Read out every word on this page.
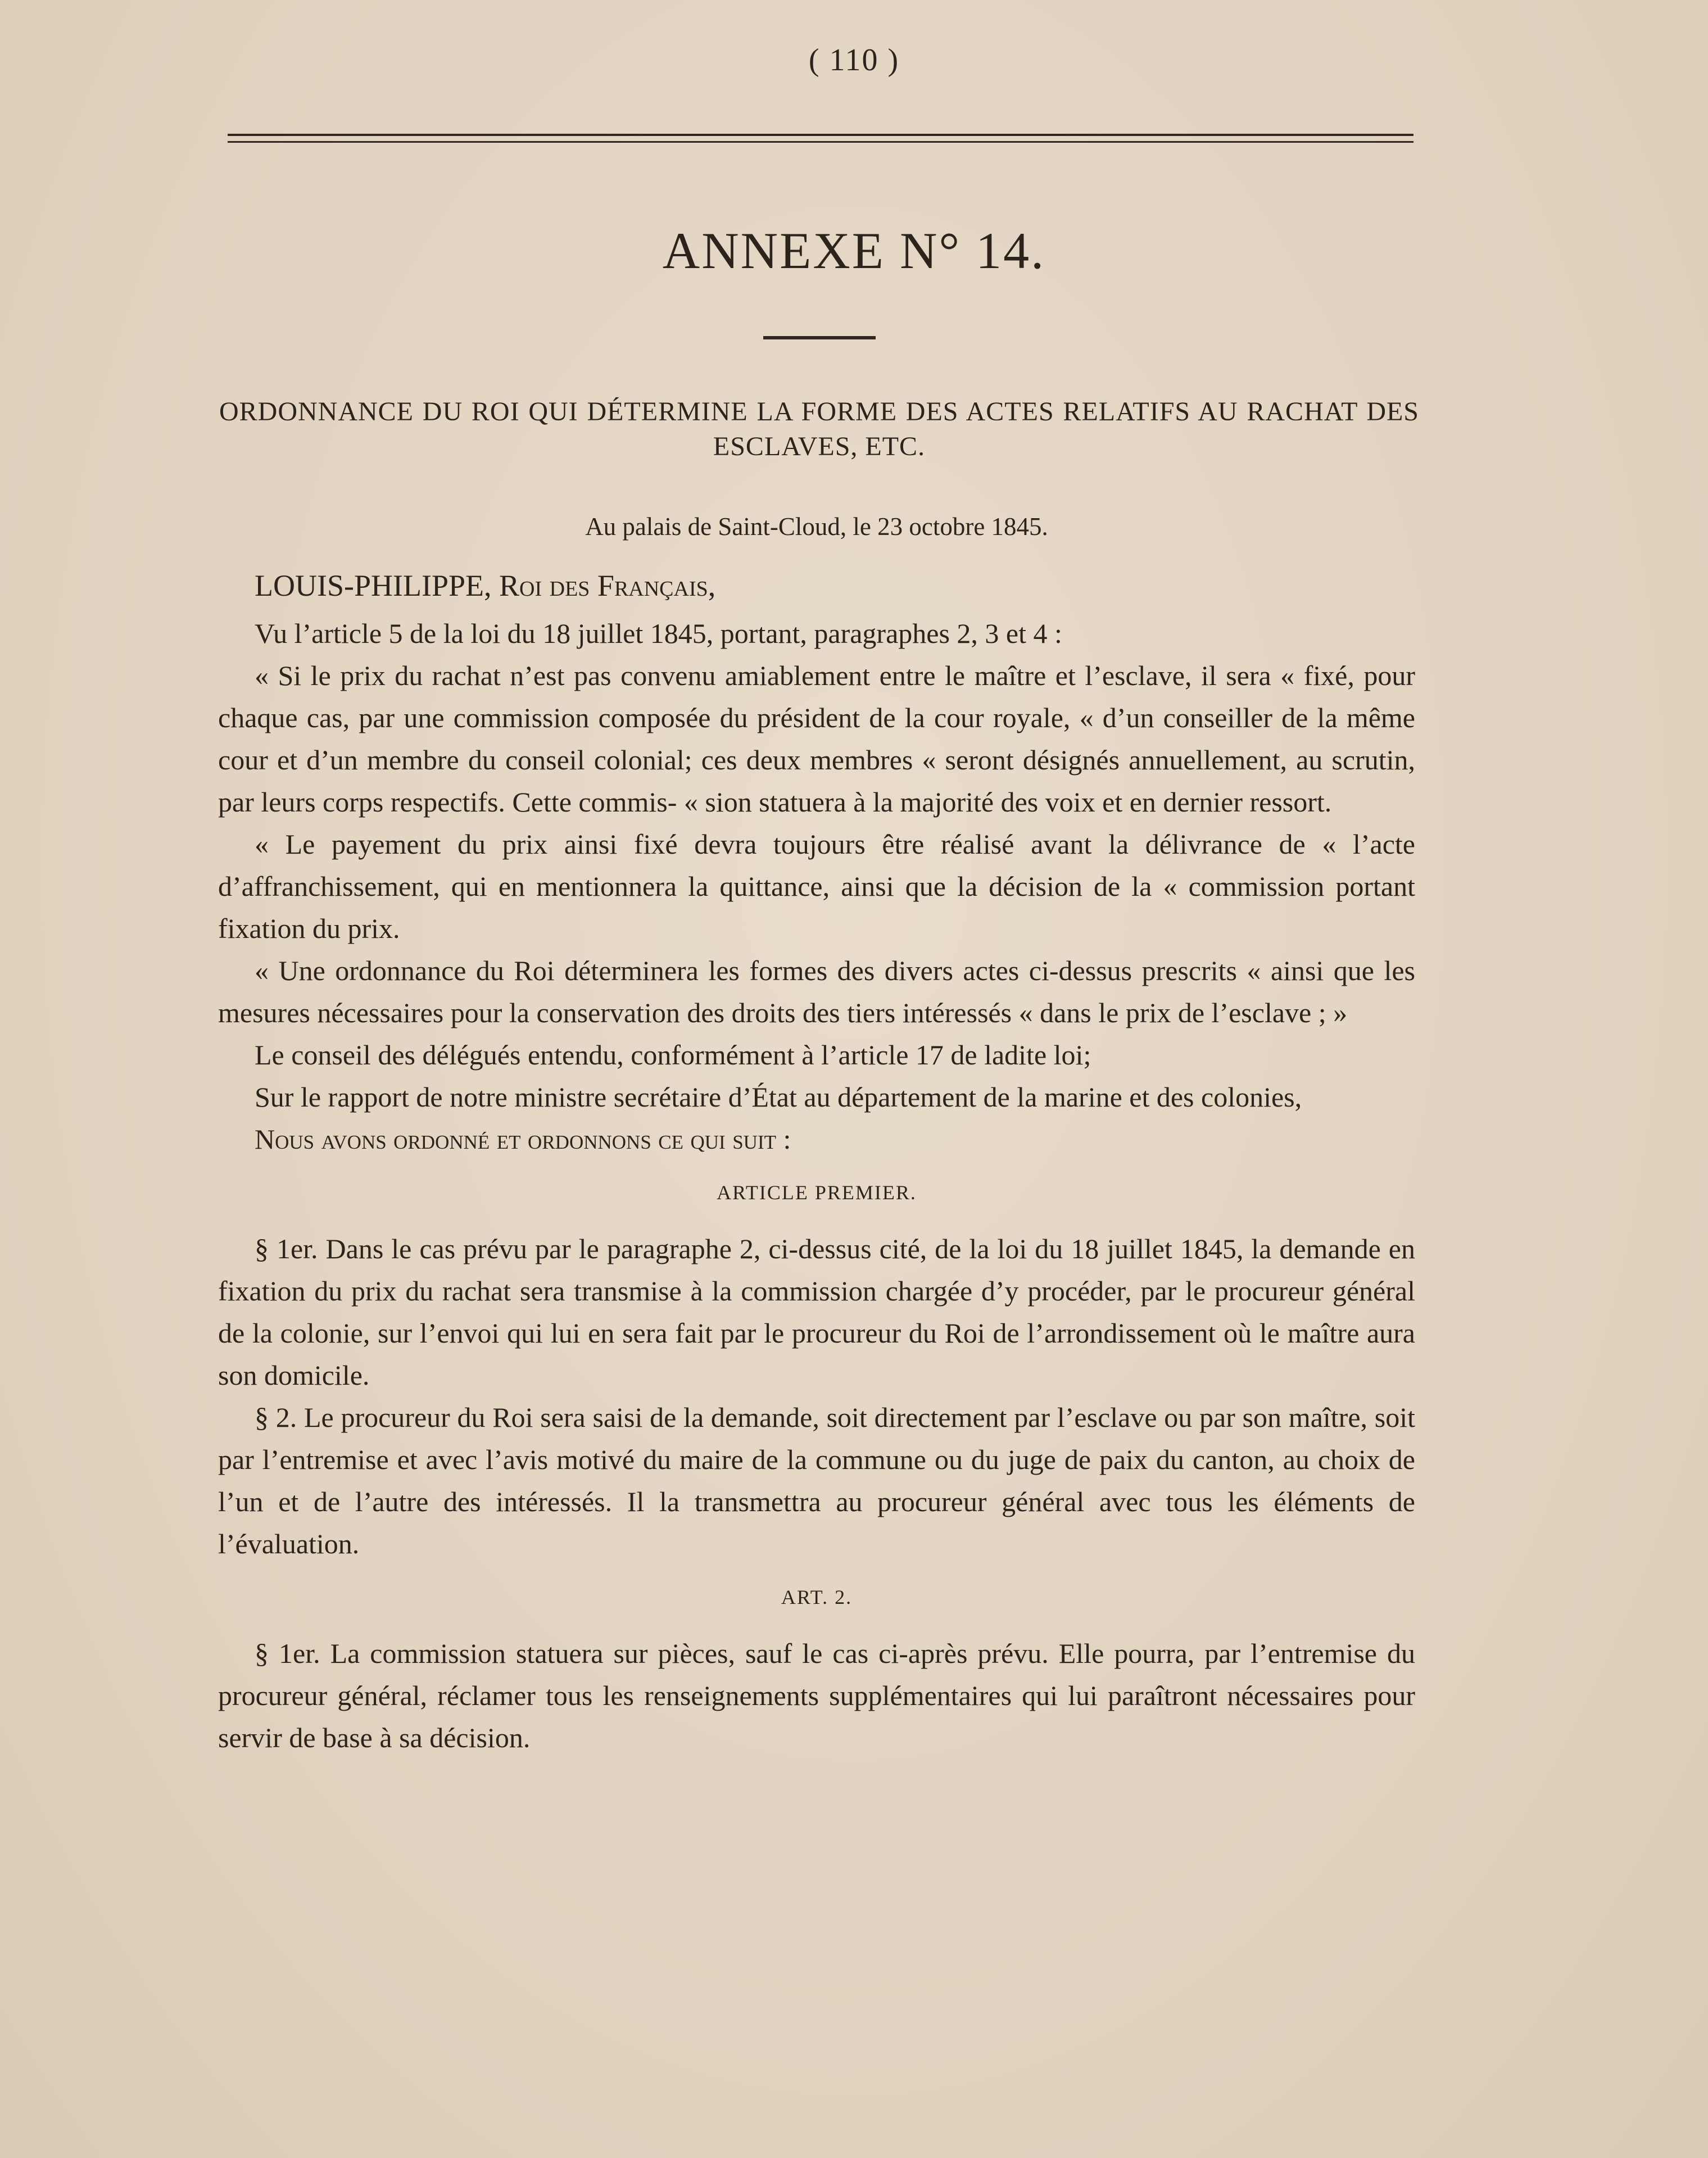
( 110 )
ANNEXE N° 14.
ORDONNANCE DU ROI QUI DÉTERMINE LA FORME DES ACTES RELATIFS AU RACHAT DES ESCLAVES, ETC.

Au palais de Saint-Cloud, le 23 octobre 1845.

LOUIS-PHILIPPE, Roi des Français,

Vu l’article 5 de la loi du 18 juillet 1845, portant, paragraphes 2, 3 et 4 :

« Si le prix du rachat n’est pas convenu amiablement entre le maître et l’esclave, il sera « fixé, pour chaque cas, par une commission composée du président de la cour royale, « d’un conseiller de la même cour et d’un membre du conseil colonial; ces deux membres « seront désignés annuellement, au scrutin, par leurs corps respectifs. Cette commis- « sion statuera à la majorité des voix et en dernier ressort.

« Le payement du prix ainsi fixé devra toujours être réalisé avant la délivrance de « l’acte d’affranchissement, qui en mentionnera la quittance, ainsi que la décision de la « commission portant fixation du prix.

« Une ordonnance du Roi déterminera les formes des divers actes ci-dessus prescrits « ainsi que les mesures nécessaires pour la conservation des droits des tiers intéressés « dans le prix de l’esclave ; »

Le conseil des délégués entendu, conformément à l’article 17 de ladite loi;

Sur le rapport de notre ministre secrétaire d’État au département de la marine et des colonies,

Nous avons ordonné et ordonnons ce qui suit :

ARTICLE PREMIER.

§ 1er. Dans le cas prévu par le paragraphe 2, ci-dessus cité, de la loi du 18 juillet 1845, la demande en fixation du prix du rachat sera transmise à la commission chargée d’y procéder, par le procureur général de la colonie, sur l’envoi qui lui en sera fait par le procureur du Roi de l’arrondissement où le maître aura son domicile.

§ 2. Le procureur du Roi sera saisi de la demande, soit directement par l’esclave ou par son maître, soit par l’entremise et avec l’avis motivé du maire de la commune ou du juge de paix du canton, au choix de l’un et de l’autre des intéressés. Il la transmettra au procureur général avec tous les éléments de l’évaluation.

ART. 2.

§ 1er. La commission statuera sur pièces, sauf le cas ci-après prévu. Elle pourra, par l’entremise du procureur général, réclamer tous les renseignements supplémentaires qui lui paraîtront nécessaires pour servir de base à sa décision.
